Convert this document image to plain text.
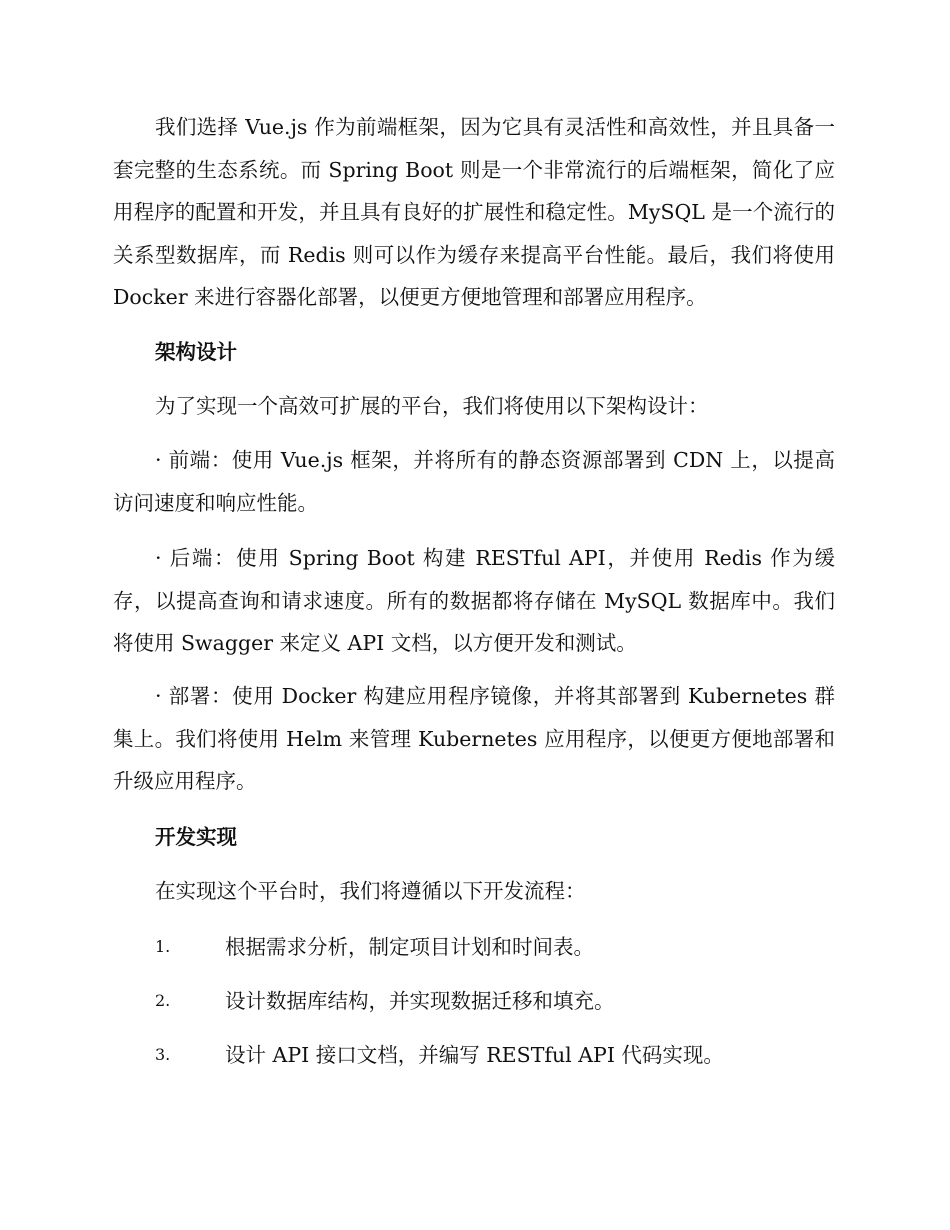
我们选择 Vue.js 作为前端框架，因为它具有灵活性和高效性，并且具备一套完整的生态系统。而 Spring Boot 则是一个非常流行的后端框架，简化了应用程序的配置和开发，并且具有良好的扩展性和稳定性。MySQL 是一个流行的关系型数据库，而 Redis 则可以作为缓存来提高平台性能。最后，我们将使用 Docker 来进行容器化部署，以便更方便地管理和部署应用程序。

架构设计

为了实现一个高效可扩展的平台，我们将使用以下架构设计：

· 前端：使用 Vue.js 框架，并将所有的静态资源部署到 CDN 上，以提高访问速度和响应性能。

· 后端：使用 Spring Boot 构建 RESTful API，并使用 Redis 作为缓存，以提高查询和请求速度。所有的数据都将存储在 MySQL 数据库中。我们将使用 Swagger 来定义 API 文档，以方便开发和测试。

· 部署：使用 Docker 构建应用程序镜像，并将其部署到 Kubernetes 群集上。我们将使用 Helm 来管理 Kubernetes 应用程序，以便更方便地部署和升级应用程序。

开发实现

在实现这个平台时，我们将遵循以下开发流程：

1.	根据需求分析，制定项目计划和时间表。
2.	设计数据库结构，并实现数据迁移和填充。
3.	设计 API 接口文档，并编写 RESTful API 代码实现。
